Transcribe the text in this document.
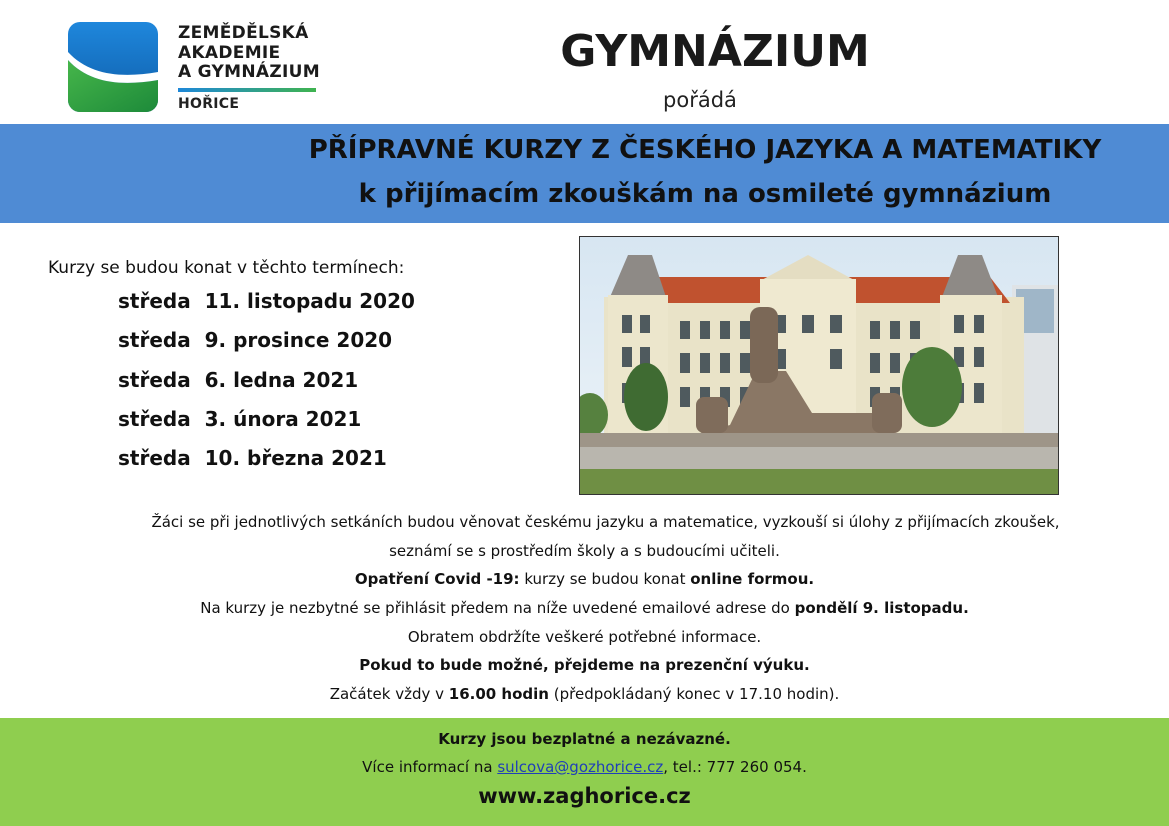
ZEMĚDĚLSKÁ
AKADEMIE
A GYMNÁZIUM
HOŘICE
GYMNÁZIUM
pořádá
PŘÍPRAVNÉ KURZY Z ČESKÉHO JAZYKA A MATEMATIKY
k přijímacím zkouškám na osmileté gymnázium
Kurzy se budou konat v těchto termínech:
středa  11. listopadu 2020
středa  9. prosince 2020
středa  6. ledna 2021
středa  3. února 2021
středa  10. března 2021
Žáci se při jednotlivých setkáních budou věnovat českému jazyku a matematice, vyzkouší si úlohy z přijímacích zkoušek,
seznámí se s prostředím školy a s budoucími učiteli.
Opatření Covid -19: kurzy se budou konat online formou.
Na kurzy je nezbytné se přihlásit předem na níže uvedené emailové adrese do pondělí 9. listopadu.
Obratem obdržíte veškeré potřebné informace.
Pokud to bude možné, přejdeme na prezenční výuku.
Začátek vždy v 16.00 hodin (předpokládaný konec v 17.10 hodin).
Kurzy jsou bezplatné a nezávazné.
Více informací na sulcova@gozhorice.cz, tel.: 777 260 054.
www.zaghorice.cz
